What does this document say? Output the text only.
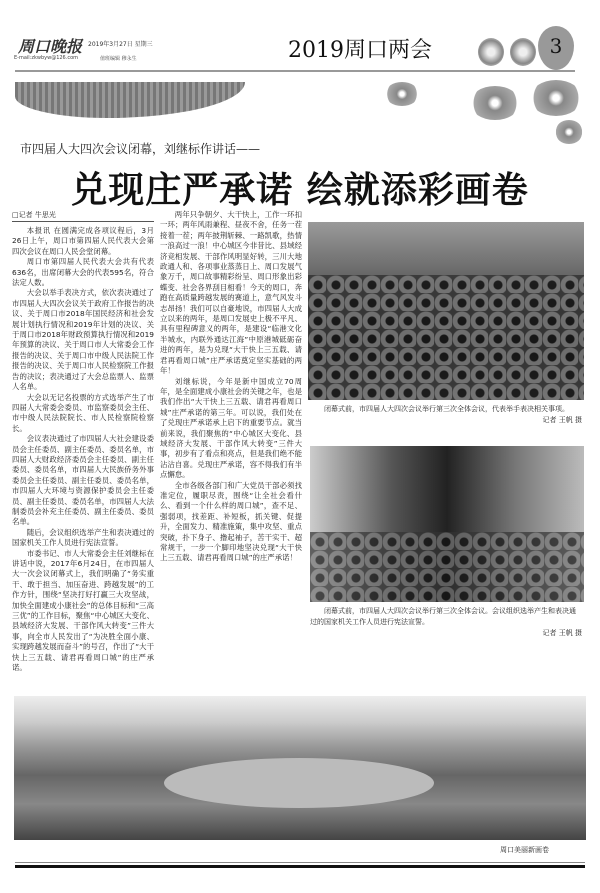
周口晚报 2019年3月27日 星期三
E-mail:zkwbyw@126.com	值班编辑 穆永生	2019周口两会	3
市四届人大四次会议闭幕，刘继标作讲话——
兑现庄严承诺 绘就添彩画卷
□记者 牛思光

本报讯 在圆满完成各项议程后，3月26日上午，周口市第四届人民代表大会第四次会议在周口人民会堂闭幕。

周口市第四届人民代表大会共有代表636名，出席闭幕大会的代表595名，符合法定人数。

大会以举手表决方式，依次表决通过了市四届人大四次会议关于政府工作报告的决议、关于周口市2018年国民经济和社会发展计划执行情况和2019年计划的决议、关于周口市2018年财政预算执行情况和2019年预算的决议、关于周口市人大常委会工作报告的决议、关于周口市中级人民法院工作报告的决议、关于周口市人民检察院工作报告的决议；表决通过了大会总监票人、监票人名单。

大会以无记名投票的方式选举产生了市四届人大常委会委员、市监察委员会主任、市中级人民法院院长、市人民检察院检察长。

会议表决通过了市四届人大社会建设委员会主任委员、副主任委员、委员名单，市四届人大财政经济委员会主任委员、副主任委员、委员名单，市四届人大民族侨务外事委员会主任委员、副主任委员、委员名单，市四届人大环境与资源保护委员会主任委员、副主任委员、委员名单，市四届人大法制委员会补充主任委员、副主任委员、委员名单。

随后，会议组织选举产生和表决通过的国家机关工作人员进行宪法宣誓。

市委书记、市人大常委会主任刘继标在讲话中说，2017年6月24日，在市四届人大一次会议闭幕式上，我们明确了“务实重干、敢于担当、加压奋进、跨越发展”的工作方针，围绕“坚决打好打赢三大攻坚战，加快全面建成小康社会”的总体目标和“三高三优”的工作目标，聚焦“中心城区大变化、县域经济大发展、干部作风大转变”三件大事，向全市人民发出了“为决胜全面小康、实现跨越发展而奋斗”的号召，作出了“大干快上三五载、请君再看周口城”的庄严承诺。

两年只争朝夕、大干快上，工作一环扣一环；两年风雨兼程、昼夜不舍，任务一茬接着一茬；两年披荆斩棘、一路凯歌，热情一浪高过一浪！中心城区今非昔比、县域经济竞相发展、干部作风明显好转，三川大地政通人和、各项事业蒸蒸日上、周口发展气象万千，周口故事精彩纷呈、周口形象出彩蝶变、社会各界刮目相看！今天的周口，奔跑在高质量跨越发展的赛道上，意气风发斗志昂扬！我们可以自豪地说，市四届人大成立以来的两年，是周口发展史上极不平凡、具有里程碑意义的两年，是建设“临港文化半城水，内联外通达江海”中原港城砥砺奋进的两年，是为兑现“大干快上三五载、请君再看周口城”庄严承诺奠定坚实基础的两年！

刘继标说，今年是新中国成立70周年，是全面建成小康社会的关键之年，也是我们作出“大干快上三五载、请君再看周口城”庄严承诺的第三年。可以说，我们处在了兑现庄严承诺承上启下的重要节点。就当前来说，我们聚焦的“中心城区大变化、县域经济大发展、干部作风大转变”三件大事，初步有了看点和亮点，但是我们绝不能沾沾自喜。兑现庄严承诺，容不得我们有半点懈怠。

全市各级各部门和广大党员干部必须找准定位，履职尽责，围绕“让全社会看什么、看到一个什么样的周口城”，查不足、强弱项，找差距、补短板，抓关键、促提升，全面发力、精准施策，集中攻坚、重点突破，扑下身子、撸起袖子，苦干实干、超常规干，一步一个脚印地坚决兑现“大干快上三五载、请君再看周口城”的庄严承诺！

闭幕式前，市四届人大四次会议举行第三次全体会议，代表举手表决相关事项。
记者 王帆 摄
闭幕式前，市四届人大四次会议举行第三次全体会议。会议组织选举产生和表决通过的国家机关工作人员进行宪法宣誓。
记者 王帆 摄
周口美丽新画卷
